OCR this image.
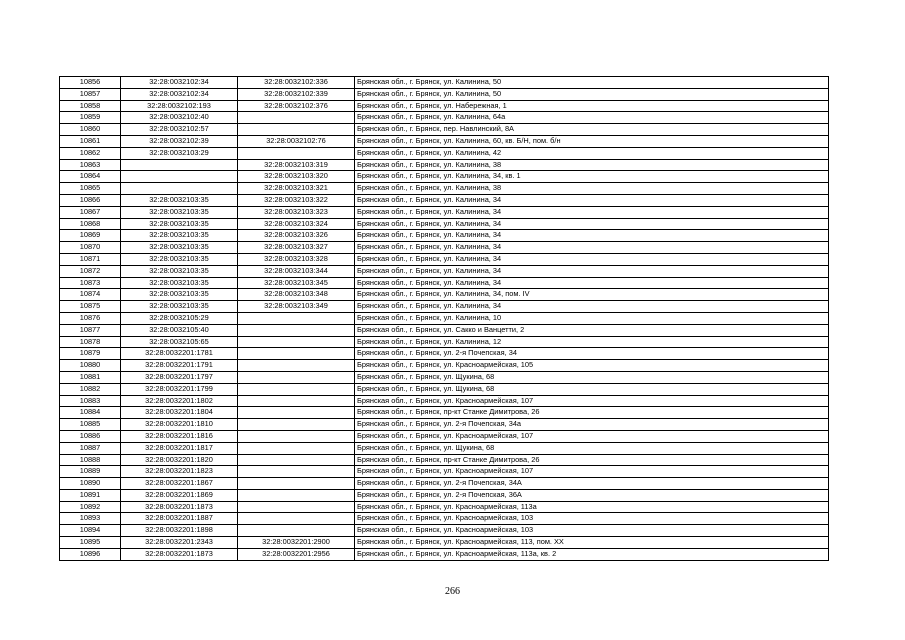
10856	32:28:0032102:34	32:28:0032102:336	Брянская обл., г. Брянск, ул. Калинина, 50
10857	32:28:0032102:34	32:28:0032102:339	Брянская обл., г. Брянск, ул. Калинина, 50
10858	32:28:0032102:193	32:28:0032102:376	Брянская обл., г. Брянск, ул. Набережная, 1
10859	32:28:0032102:40		Брянская обл., г. Брянск, ул. Калинина, 64а
10860	32:28:0032102:57		Брянская обл., г. Брянск, пер. Навлинский, 8А
10861	32:28:0032102:39	32:28:0032102:76	Брянская обл., г. Брянск, ул. Калинина, 60, кв. Б/Н, пом. б/н
10862	32:28:0032103:29		Брянская обл., г. Брянск, ул. Калинина, 42
10863		32:28:0032103:319	Брянская обл., г. Брянск, ул. Калинина, 38
10864		32:28:0032103:320	Брянская обл., г. Брянск, ул. Калинина, 34, кв. 1
10865		32:28:0032103:321	Брянская обл., г. Брянск, ул. Калинина, 38
10866	32:28:0032103:35	32:28:0032103:322	Брянская обл., г. Брянск, ул. Калинина, 34
10867	32:28:0032103:35	32:28:0032103:323	Брянская обл., г. Брянск, ул. Калинина, 34
10868	32:28:0032103:35	32:28:0032103:324	Брянская обл., г. Брянск, ул. Калинина, 34
10869	32:28:0032103:35	32:28:0032103:326	Брянская обл., г. Брянск, ул. Калинина, 34
10870	32:28:0032103:35	32:28:0032103:327	Брянская обл., г. Брянск, ул. Калинина, 34
10871	32:28:0032103:35	32:28:0032103:328	Брянская обл., г. Брянск, ул. Калинина, 34
10872	32:28:0032103:35	32:28:0032103:344	Брянская обл., г. Брянск, ул. Калинина, 34
10873	32:28:0032103:35	32:28:0032103:345	Брянская обл., г. Брянск, ул. Калинина, 34
10874	32:28:0032103:35	32:28:0032103:348	Брянская обл., г. Брянск, ул. Калинина, 34, пом. IV
10875	32:28:0032103:35	32:28:0032103:349	Брянская обл., г. Брянск, ул. Калинина, 34
10876	32:28:0032105:29		Брянская обл., г. Брянск, ул. Калинина, 10
10877	32:28:0032105:40		Брянская обл., г. Брянск, ул. Сакко и Ванцетти, 2
10878	32:28:0032105:65		Брянская обл., г. Брянск, ул. Калинина, 12
10879	32:28:0032201:1781		Брянская обл., г. Брянск, ул. 2-я Почепская, 34
10880	32:28:0032201:1791		Брянская обл., г. Брянск, ул. Красноармейская, 105
10881	32:28:0032201:1797		Брянская обл., г. Брянск, ул. Щукина, 68
10882	32:28:0032201:1799		Брянская обл., г. Брянск, ул. Щукина, 68
10883	32:28:0032201:1802		Брянская обл., г. Брянск, ул. Красноармейская, 107
10884	32:28:0032201:1804		Брянская обл., г. Брянск, пр-кт Станке Димитрова, 26
10885	32:28:0032201:1810		Брянская обл., г. Брянск, ул. 2-я Почепская, 34а
10886	32:28:0032201:1816		Брянская обл., г. Брянск, ул. Красноармейская, 107
10887	32:28:0032201:1817		Брянская обл., г. Брянск, ул. Щукина, 68
10888	32:28:0032201:1820		Брянская обл., г. Брянск, пр-кт Станке Димитрова, 26
10889	32:28:0032201:1823		Брянская обл., г. Брянск, ул. Красноармейская, 107
10890	32:28:0032201:1867		Брянская обл., г. Брянск, ул. 2-я Почепская, 34А
10891	32:28:0032201:1869		Брянская обл., г. Брянск, ул. 2-я Почепская, 36А
10892	32:28:0032201:1873		Брянская обл., г. Брянск, ул. Красноармейская, 113а
10893	32:28:0032201:1887		Брянская обл., г. Брянск, ул. Красноармейская, 103
10894	32:28:0032201:1898		Брянская обл., г. Брянск, ул. Красноармейская, 103
10895	32:28:0032201:2343	32:28:0032201:2900	Брянская обл., г. Брянск, ул. Красноармейская, 113, пом. XX
10896	32:28:0032201:1873	32:28:0032201:2956	Брянская обл., г. Брянск, ул. Красноармейская, 113а, кв. 2
266
